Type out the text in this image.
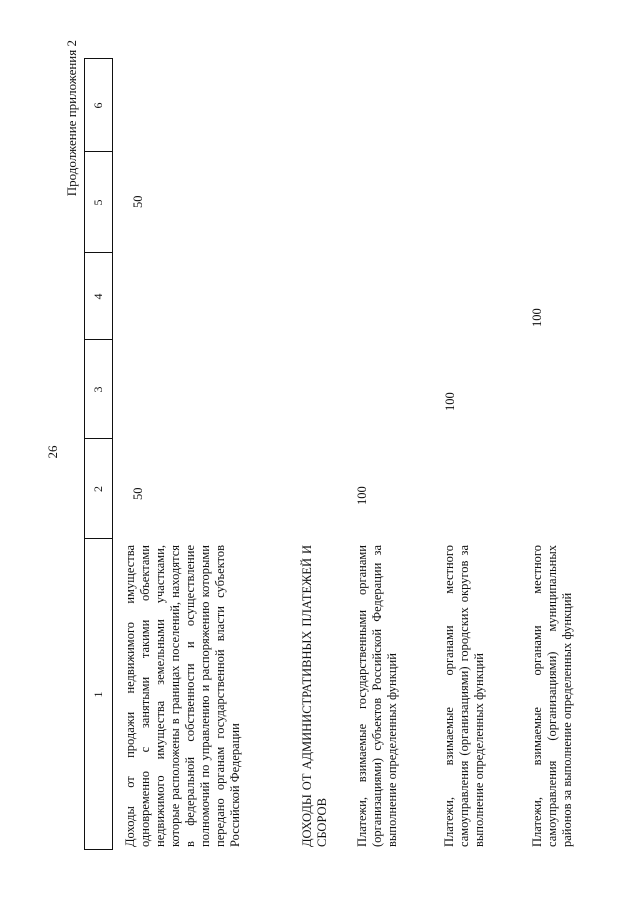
26
Продолжение приложения 2
1
2
3
4
5
6
Доходы от продажи недвижимого имущества одновременно с занятыми такими объектами недвижимого имущества земельными участками, которые расположены в границах поселений, находятся в федеральной собственности и осуществление полномочий по управлению и распоряжению которыми передано органам государственной власти субъектов Российской Федерации
50
50
ДОХОДЫ ОТ АДМИНИСТРАТИВНЫХ ПЛАТЕЖЕЙ И СБОРОВ Платежи, взимаемые государственными органами (организациями) субъектов Российской Федерации за выполнение определенных функций
100
Платежи, взимаемые органами местного самоуправления (организациями) городских округов за выполнение определенных функций
100
Платежи, взимаемые органами местного самоуправления (организациями) муниципальных районов за выполнение определенных функций
100
